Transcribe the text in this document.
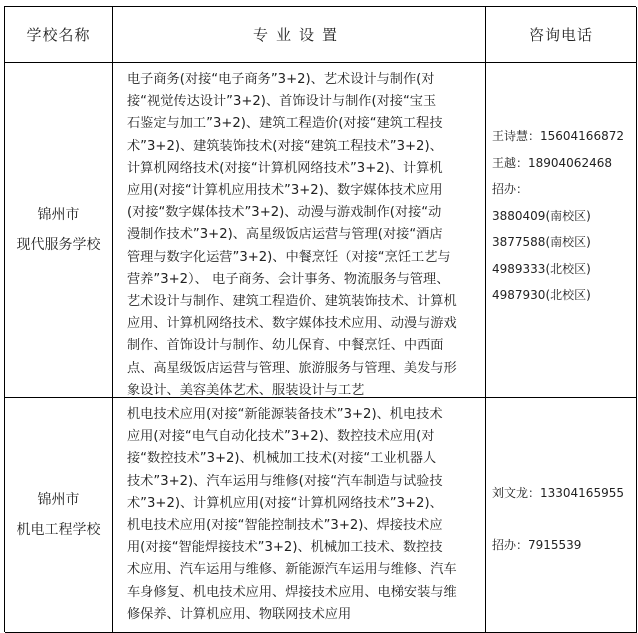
学校名称	专业设置	咨询电话
锦州市
现代服务学校
电子商务(对接“电子商务”3+2)、艺术设计与制作(对
接“视觉传达设计”3+2)、首饰设计与制作(对接“宝玉
石鉴定与加工”3+2)、建筑工程造价(对接“建筑工程技
术”3+2)、建筑装饰技术(对接“建筑工程技术”3+2)、
计算机网络技术(对接“计算机网络技术”3+2)、计算机
应用(对接“计算机应用技术”3+2)、数字媒体技术应用
(对接“数字媒体技术”3+2)、动漫与游戏制作(对接“动
漫制作技术”3+2)、高星级饭店运营与管理(对接“酒店
管理与数字化运营”3+2)、中餐烹饪（对接“烹饪工艺与
营养”3+2）、 电子商务、会计事务、物流服务与管理、
艺术设计与制作、建筑工程造价、建筑装饰技术、计算机
应用、计算机网络技术、数字媒体技术应用、动漫与游戏
制作、首饰设计与制作、幼儿保育、中餐烹饪、中西面
点、高星级饭店运营与管理、旅游服务与管理、美发与形
象设计、美容美体艺术、服装设计与工艺
王诗慧：15604166872
王越：18904062468
招办：
3880409(南校区)
3877588(南校区)
4989333(北校区)
4987930(北校区)
锦州市
机电工程学校
机电技术应用(对接“新能源装备技术”3+2)、机电技术
应用(对接“电气自动化技术”3+2)、数控技术应用(对
接“数控技术”3+2)、机械加工技术(对接“工业机器人
技术”3+2)、汽车运用与维修(对接“汽车制造与试验技
术”3+2)、计算机应用(对接“计算机网络技术”3+2)、
机电技术应用(对接“智能控制技术”3+2)、焊接技术应
用(对接“智能焊接技术”3+2)、机械加工技术、数控技
术应用、汽车运用与维修、新能源汽车运用与维修、汽车
车身修复、机电技术应用、焊接技术应用、电梯安装与维
修保养、计算机应用、物联网技术应用
刘文龙：13304165955

招办：7915539
